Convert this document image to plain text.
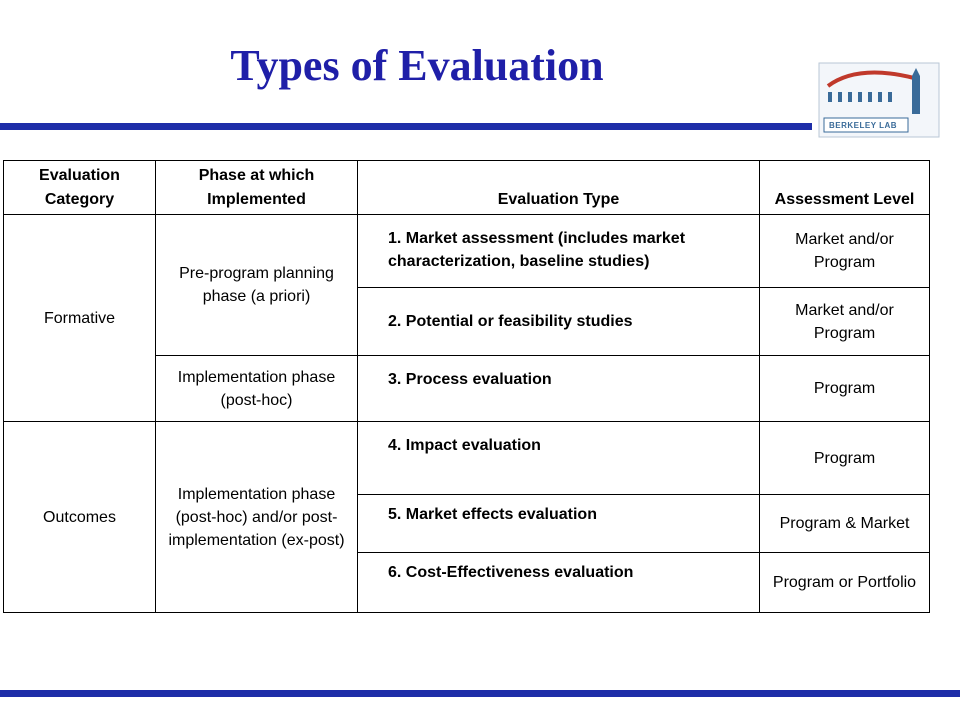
Types of Evaluation
BERKELEY LAB
Evaluation Category	Phase at which Implemented	Evaluation Type	Assessment Level
Formative	Pre-program planning phase (a priori)	1. Market assessment (includes market characterization, baseline studies)	Market and/or Program
		2. Potential or feasibility studies	Market and/or Program
	Implementation phase (post-hoc)	3. Process evaluation	Program
Outcomes	Implementation phase (post-hoc) and/or post-implementation (ex-post)	4. Impact evaluation	Program
		5. Market effects evaluation	Program & Market
		6. Cost-Effectiveness evaluation	Program or Portfolio
